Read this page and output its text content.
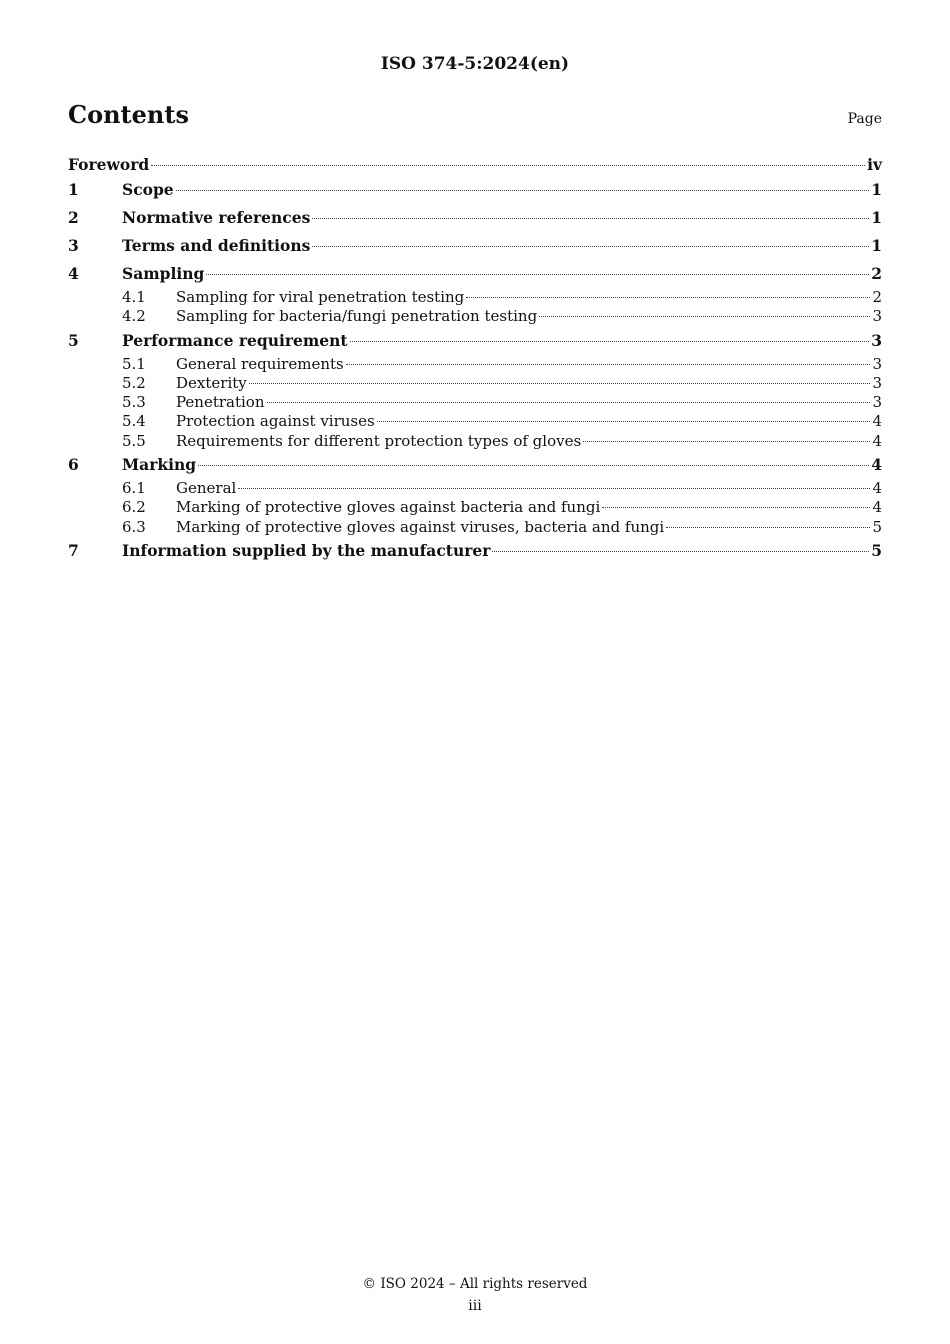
ISO 374-5:2024(en)
Contents	Page
Foreword	iv
1	Scope	1
2	Normative references	1
3	Terms and definitions	1
4	Sampling	2
4.1	Sampling for viral penetration testing	2
4.2	Sampling for bacteria/fungi penetration testing	3
5	Performance requirement	3
5.1	General requirements	3
5.2	Dexterity	3
5.3	Penetration	3
5.4	Protection against viruses	4
5.5	Requirements for different protection types of gloves	4
6	Marking	4
6.1	General	4
6.2	Marking of protective gloves against bacteria and fungi	4
6.3	Marking of protective gloves against viruses, bacteria and fungi	5
7	Information supplied by the manufacturer	5
© ISO 2024 – All rights reserved
iii
